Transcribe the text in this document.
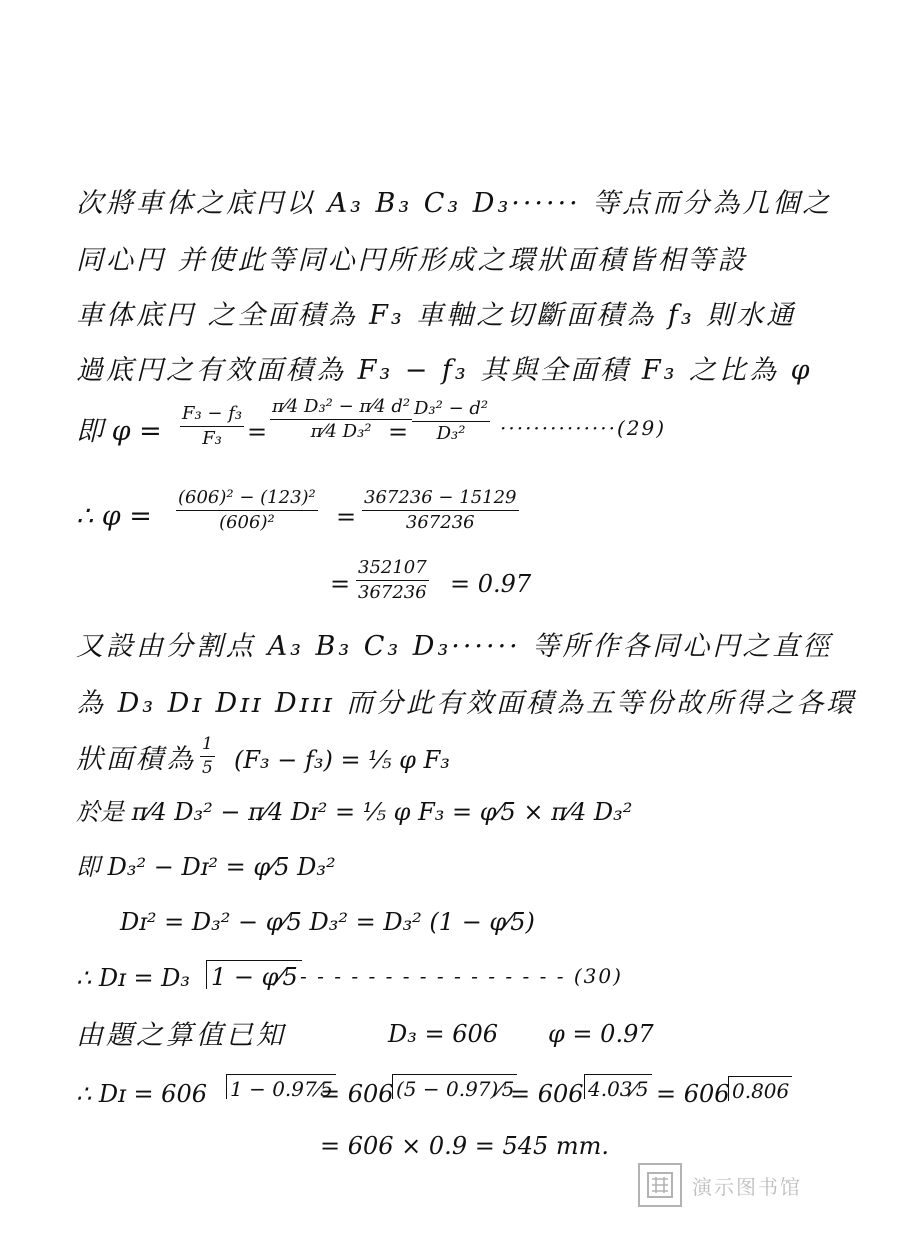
次將車体之底円以 A₃ B₃ C₃ D₃······ 等点而分為几個之
同心円 并使此等同心円所形成之環狀面積皆相等設
車体底円 之全面積為 F₃ 車軸之切斷面積為 f₃ 則水通
過底円之有效面積為 F₃ − f₃ 其與全面積 F₃ 之比為 φ
即 $\varphi = \frac{\text{F₃ − f₃}}{\text{F₃}} = \frac{\text{π⁄4 D₃² − π⁄4 d²}}{\text{π⁄4 D₃²}}$
= $\frac{\text{D₃² − d²}}{\text{D₃²}} \cdot\cdot\cdot\cdot\cdot\cdot\cdot\cdot\cdot\cdot\cdot\cdot\cdot\cdot(29)$
∴ $\varphi = \frac{\text{(606)² − (123)²}}{\text{(606)²}} = \frac{367236 - 15129}{367236}$
= $\frac{352107}{367236} = 0.97$
又設由分割点 A₃ B₃ C₃ D₃······ 等所作各同心円之直徑
為 D₃ Dɪ Dɪɪ Dɪɪɪ 而分此有效面積為五等份故所得之各環
狀面積為 $\frac{1}{5} (F_3 - f_3)$ = ⅕ φ F₃
於是 π⁄4 D₃² − π⁄4 Dɪ² = ⅕ φ F₃ = φ⁄5 × π⁄4 D₃²
即 D₃² − Dɪ² = φ⁄5 D₃²
Dɪ² = D₃² − φ⁄5 D₃² = D₃² (1 − φ⁄5)
∴ Dɪ = D₃ 1 − φ⁄5 - - - - - - - - - - - - - - - - (30)
由題之算值已知	D₃ = 606 φ = 0.97
∴ Dɪ = 606 1 − 0.97⁄5
= 606 (5 − 0.97)⁄5
= 606 4.03⁄5 = 606 0.806
= 606 × 0.9 = 545 mm.
演示图书馆
